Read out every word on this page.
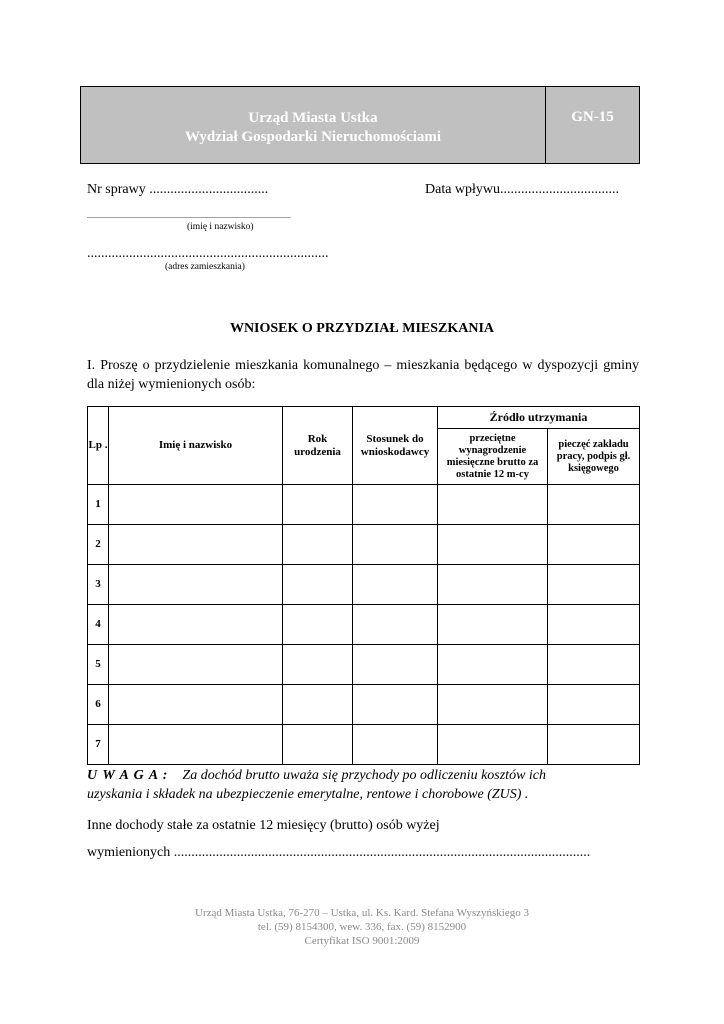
Urząd Miasta Ustka
Wydział Gospodarki Nieruchomościami
GN-15
Nr sprawy ..................................	Data wpływu..................................
......................................................................................................
(imię i nazwisko)
.....................................................................
(adres zamieszkania)
WNIOSEK O PRZYDZIAŁ MIESZKANIA
I. Proszę o przydzielenie mieszkania komunalnego – mieszkania będącego w dyspozycji gminy dla niżej wymienionych osób:
Lp .	Imię i nazwisko	Rok urodzenia	Stosunek do wnioskodawcy	Źródło utrzymania	
				przeciętne wynagrodzenie miesięczne brutto za ostatnie 12 m-cy	pieczęć zakładu pracy, podpis gł. księgowego
1					
2					
3					
4					
5					
6					
7					
U W A G A : Za dochód brutto uważa się przychody po odliczeniu kosztów ich
uzyskania i składek na ubezpieczenie emerytalne, rentowe i chorobowe (ZUS) .
Inne dochody stałe za ostatnie 12 miesięcy (brutto) osób wyżej
wymienionych .......................................................................................................................
Urząd Miasta Ustka, 76-270 – Ustka, ul. Ks. Kard. Stefana Wyszyńskiego 3
tel. (59) 8154300, wew. 336, fax. (59) 8152900
Certyfikat ISO 9001:2009
